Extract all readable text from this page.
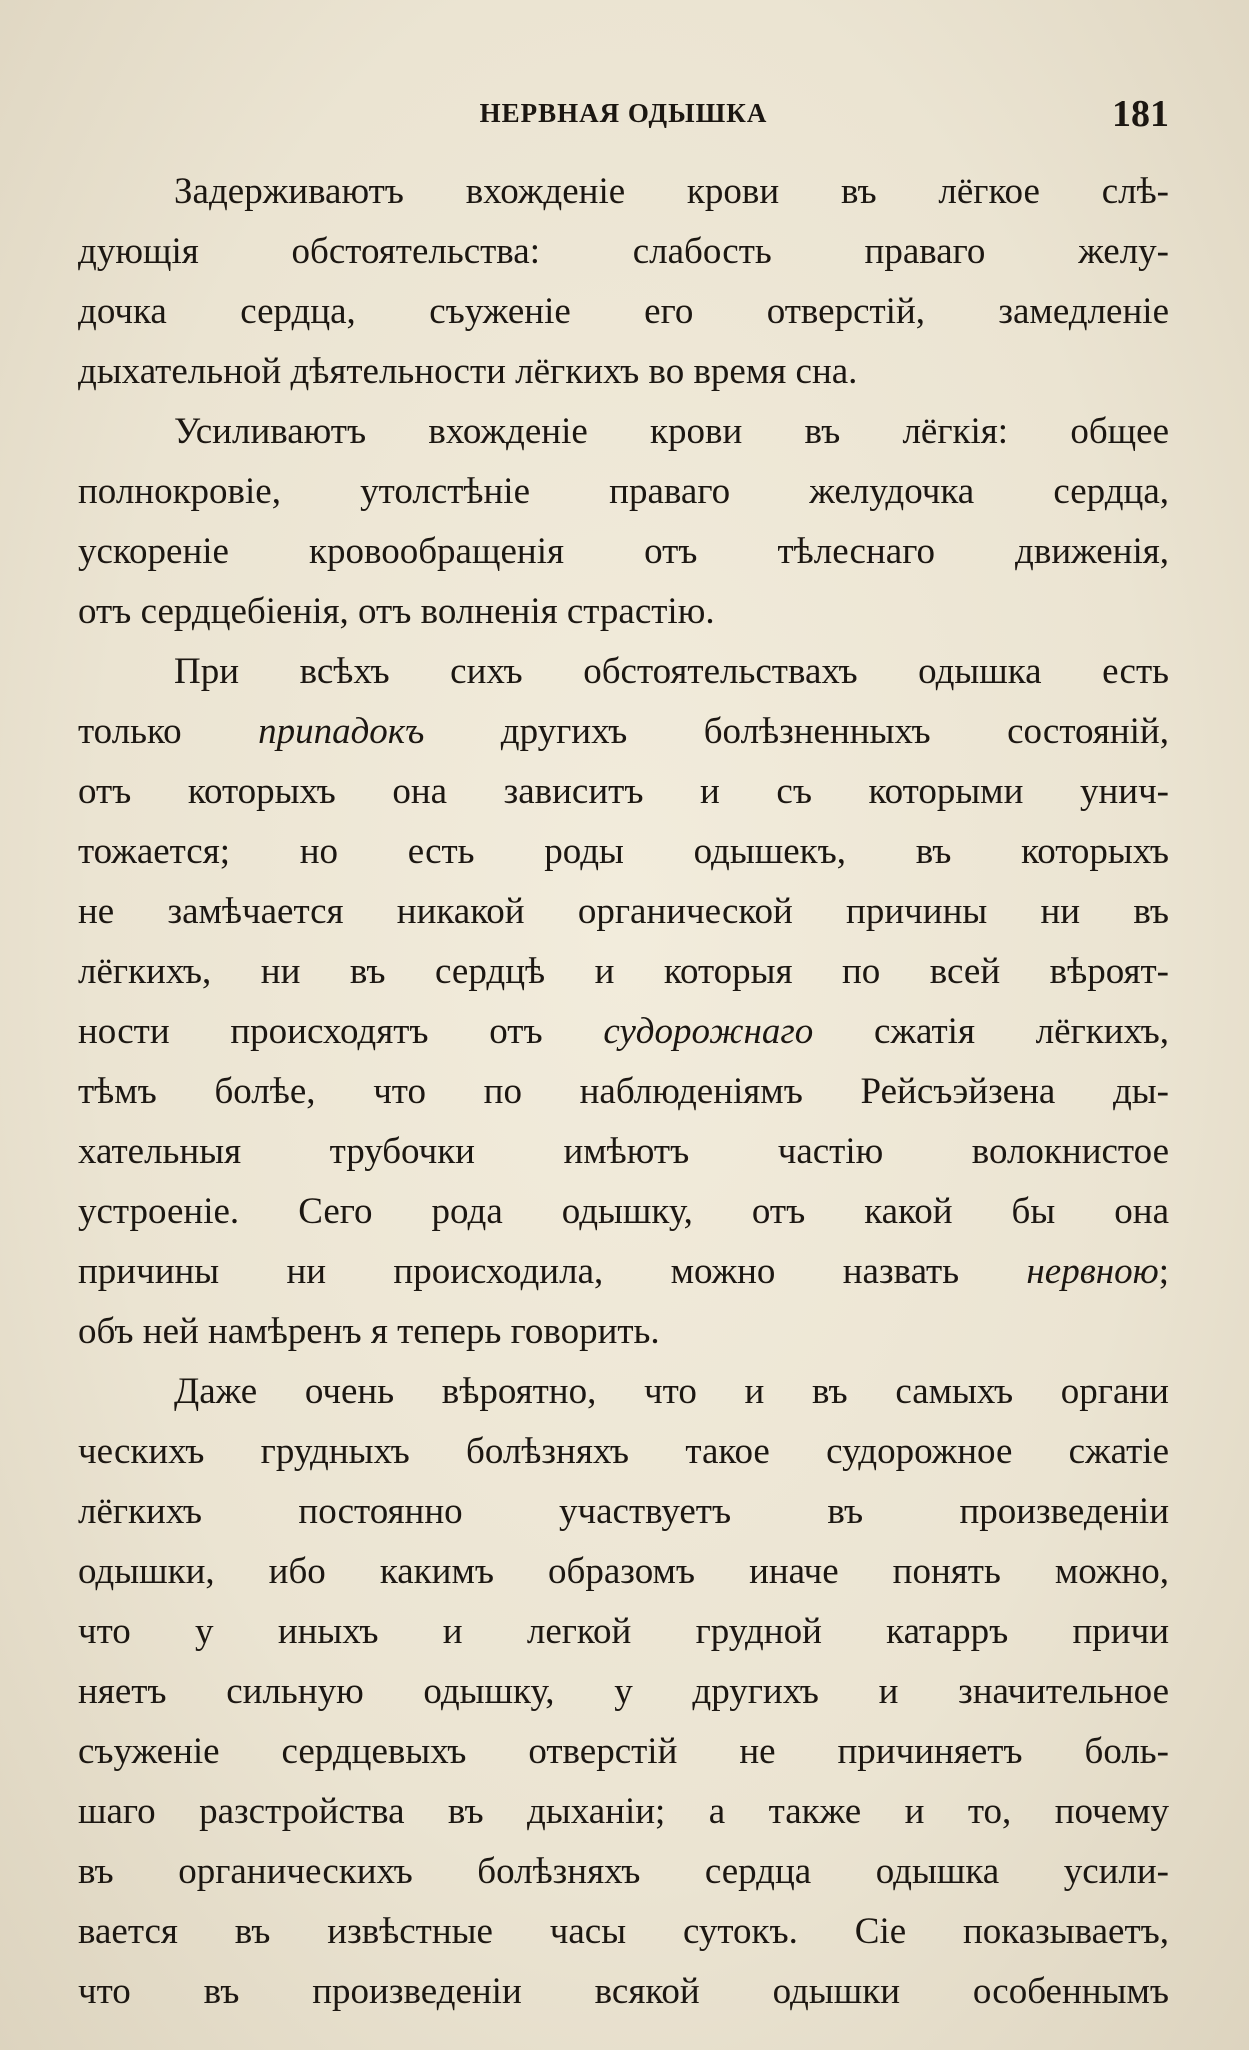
НЕРВНАЯ ОДЫШКА	181
Задерживаютъ вхожденіе крови въ лёгкое слѣ-
дующія обстоятельства: слабость праваго желу-
дочка сердца, съуженіе его отверстій, замедленіе
дыхательной дѣятельности лёгкихъ во время сна.
Усиливаютъ вхожденіе крови въ лёгкія: общее
полнокровіе, утолстѣніе праваго желудочка сердца,
ускореніе кровообращенія отъ тѣлеснаго движенія,
отъ сердцебіенія, отъ волненія страстію.
При всѣхъ сихъ обстоятельствахъ одышка есть
только припадокъ другихъ болѣзненныхъ состояній,
отъ которыхъ она зависитъ и съ которыми унич-
тожается; но есть роды одышекъ, въ которыхъ
не замѣчается никакой органической причины ни въ
лёгкихъ, ни въ сердцѣ и которыя по всей вѣроят-
ности происходятъ отъ судорожнаго сжатія лёгкихъ,
тѣмъ болѣе, что по наблюденіямъ Рейсъэйзена ды-
хательныя трубочки имѣютъ частію волокнистое
устроеніе. Сего рода одышку, отъ какой бы она
причины ни происходила, можно назвать нервною;
объ ней намѣренъ я теперь говорить.
Даже очень вѣроятно, что и въ самыхъ органи
ческихъ грудныхъ болѣзняхъ такое судорожное сжатіе
лёгкихъ постоянно участвуетъ въ произведеніи
одышки, ибо какимъ образомъ иначе понять можно,
что у иныхъ и легкой грудной катарръ причи
няетъ сильную одышку, у другихъ и значительное
съуженіе сердцевыхъ отверстій не причиняетъ боль-
шаго разстройства въ дыханіи; а также и то, почему
въ органическихъ болѣзняхъ сердца одышка усили-
вается въ извѣстные часы сутокъ. Сіе показываетъ,
что въ произведеніи всякой одышки особеннымъ
